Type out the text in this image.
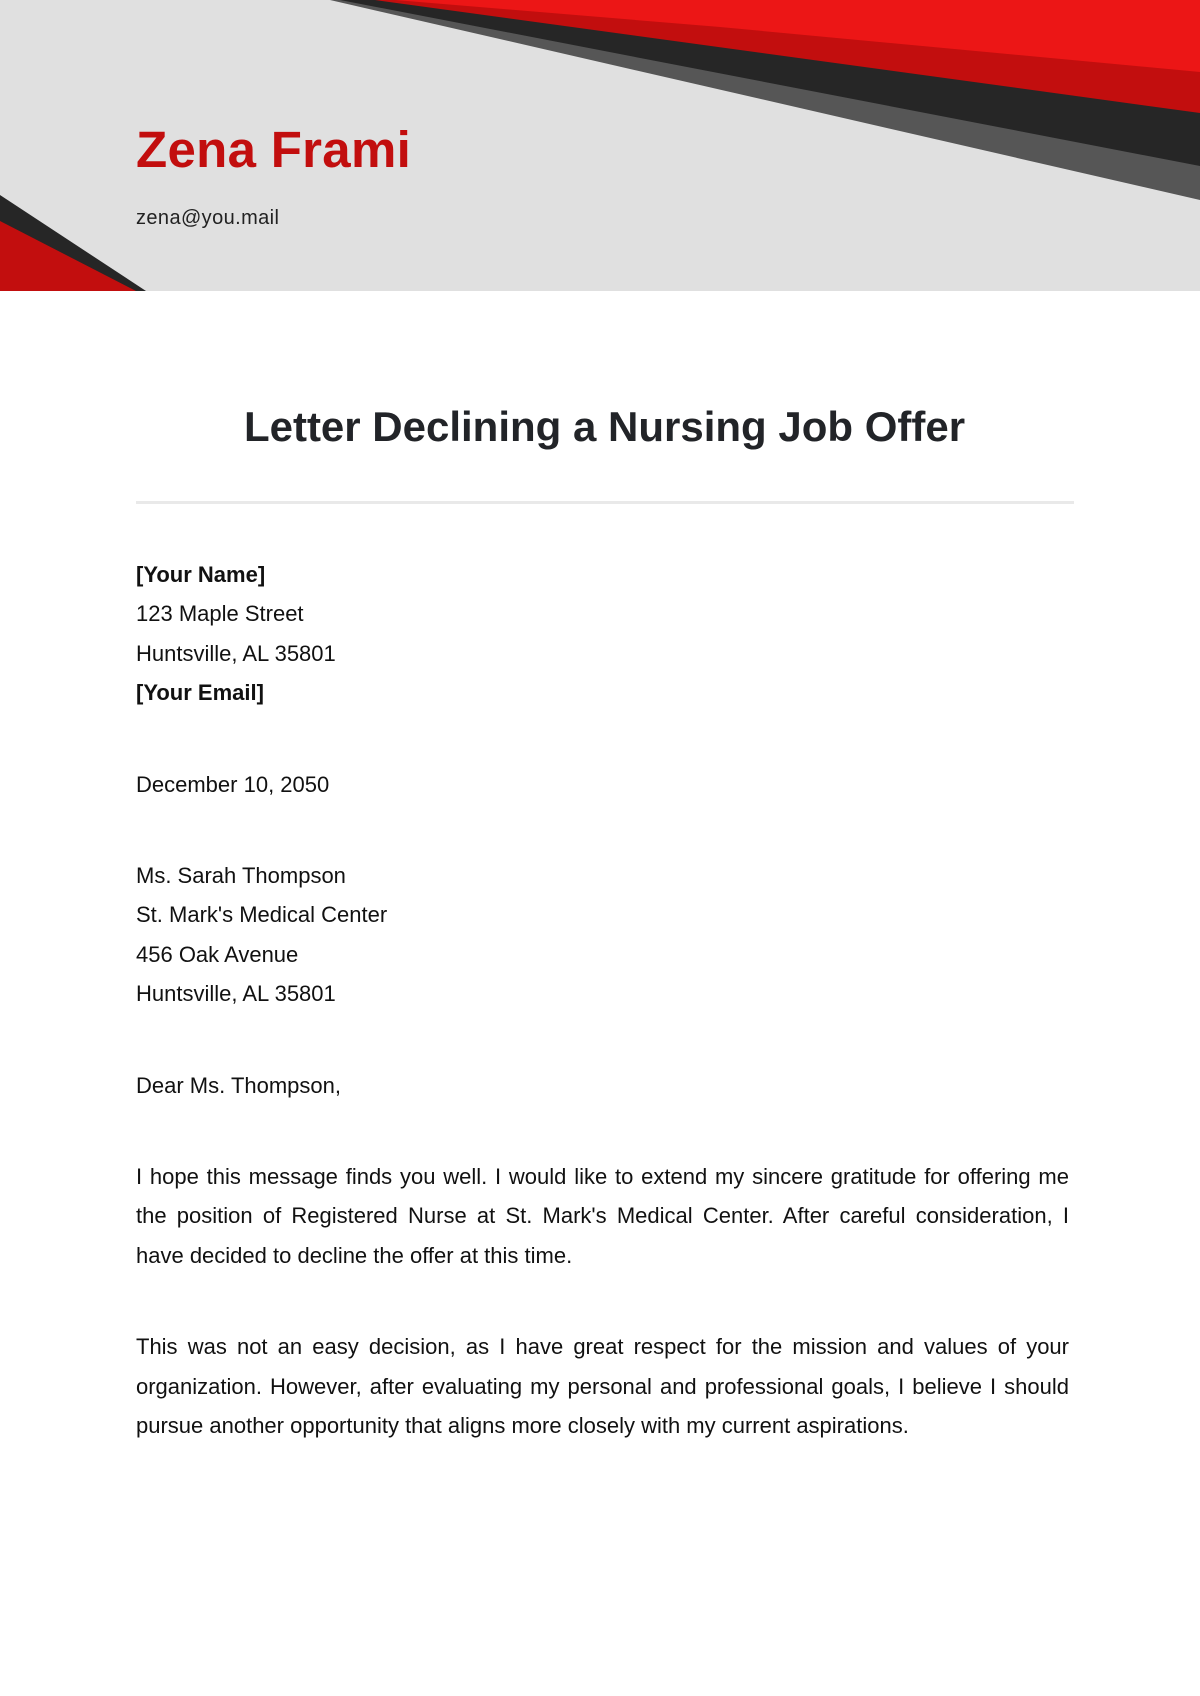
Zena Frami
zena@you.mail
Letter Declining a Nursing Job Offer
[Your Name]
123 Maple Street
Huntsville, AL 35801
[Your Email]
December 10, 2050
Ms. Sarah Thompson
St. Mark's Medical Center
456 Oak Avenue
Huntsville, AL 35801
Dear Ms. Thompson,

I hope this message finds you well. I would like to extend my sincere gratitude for offering me the position of Registered Nurse at St. Mark's Medical Center. After careful consideration, I have decided to decline the offer at this time.

This was not an easy decision, as I have great respect for the mission and values of your organization. However, after evaluating my personal and professional goals, I believe I should pursue another opportunity that aligns more closely with my current aspirations.
